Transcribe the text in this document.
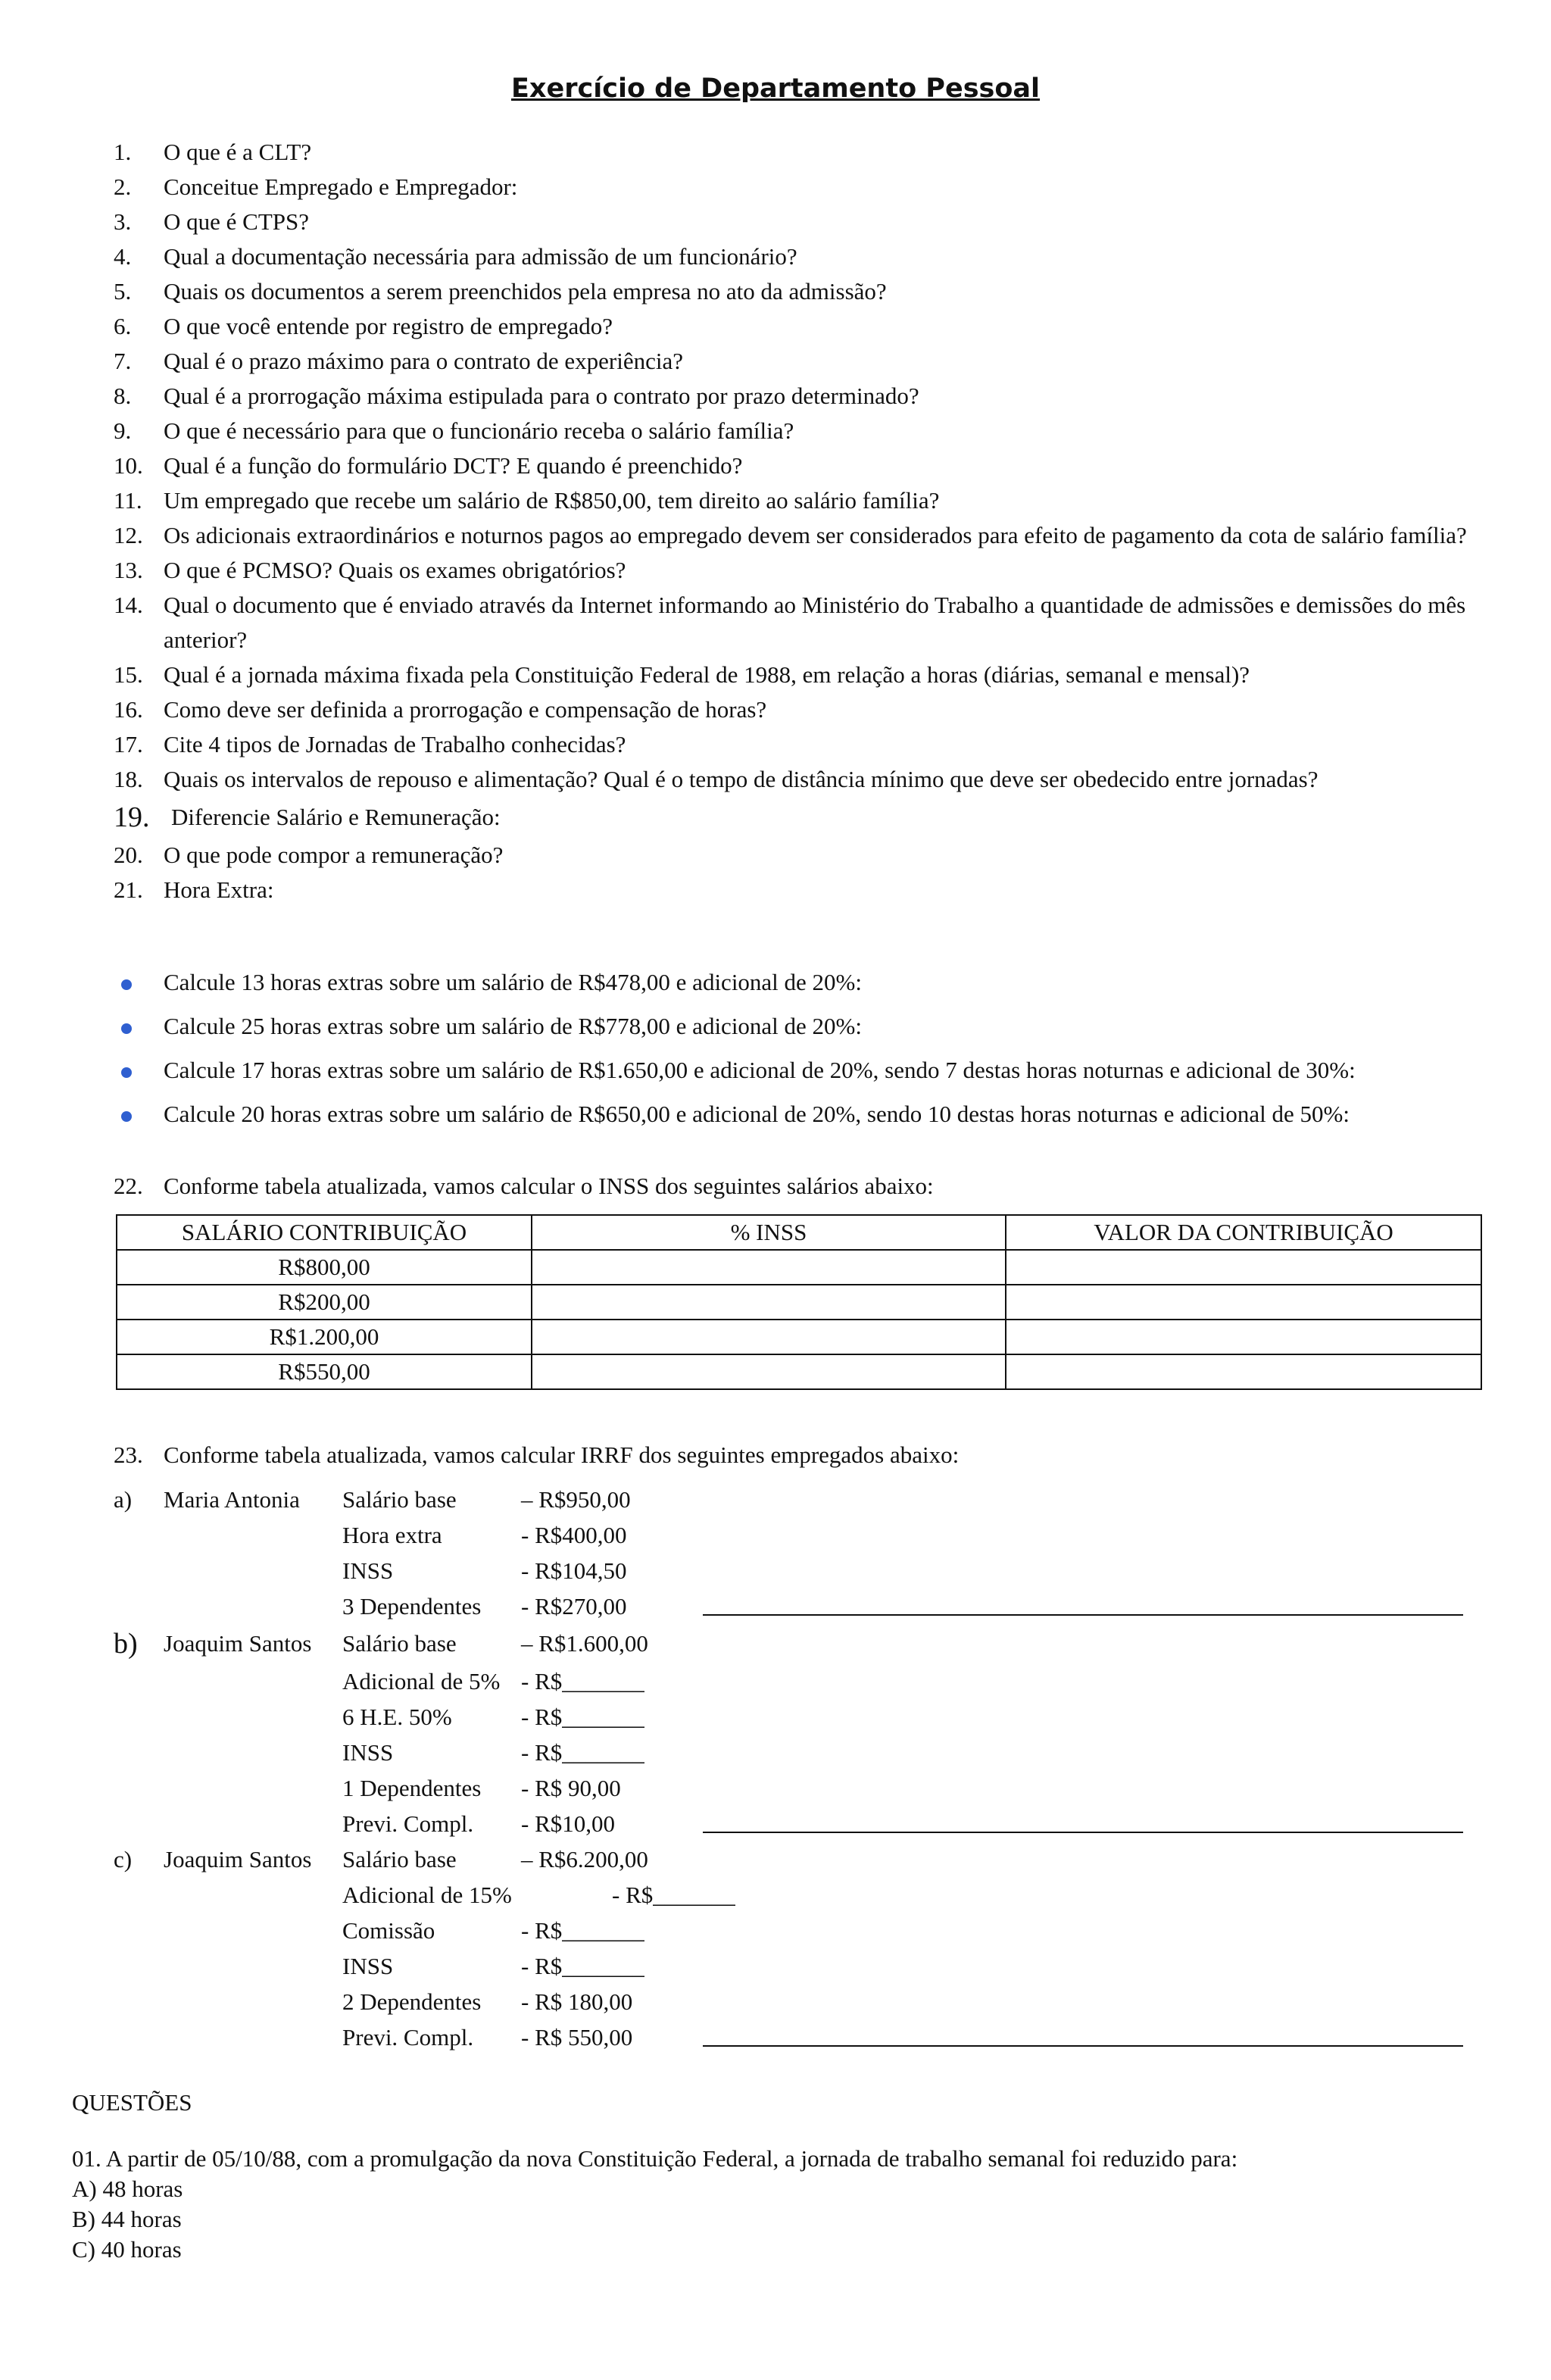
Exercício de Departamento Pessoal
1.	O que é a CLT?
2.	Conceitue Empregado e Empregador:
3.	O que é CTPS?
4.	Qual a documentação necessária para admissão de um funcionário?
5.	Quais os documentos a serem preenchidos pela empresa no ato da admissão?
6.	O que você entende por registro de empregado?
7.	Qual é o prazo máximo para o contrato de experiência?
8.	Qual é a prorrogação máxima estipulada para o contrato por prazo determinado?
9.	O que é necessário para que o funcionário receba o salário família?
10. Qual é a função do formulário DCT? E quando é preenchido?
11. Um empregado que recebe um salário de R$850,00, tem direito ao salário família?
12. Os adicionais extraordinários e noturnos pagos ao empregado devem ser considerados para efeito de pagamento da cota de salário família?
13. O que é PCMSO? Quais os exames obrigatórios?
14. Qual o documento que é enviado através da Internet informando ao Ministério do Trabalho a quantidade de admissões e demissões do mês anterior?
15. Qual é a jornada máxima fixada pela Constituição Federal de 1988, em relação a horas (diárias, semanal e mensal)?
16. Como deve ser definida a prorrogação e compensação de horas?
17. Cite 4 tipos de Jornadas de Trabalho conhecidas?
18. Quais os intervalos de repouso e alimentação? Qual é o tempo de distância mínimo que deve ser obedecido entre jornadas?
19. Diferencie Salário e Remuneração:
20. O que pode compor a remuneração?
21. Hora Extra:
Calcule 13 horas extras sobre um salário de R$478,00 e adicional de 20%:
Calcule 25 horas extras sobre um salário de R$778,00 e adicional de 20%:
Calcule 17 horas extras sobre um salário de R$1.650,00 e adicional de 20%, sendo 7 destas horas noturnas e adicional de 30%:
Calcule 20 horas extras sobre um salário de R$650,00 e adicional de 20%, sendo 10 destas horas noturnas e adicional de 50%:
22. Conforme tabela atualizada, vamos calcular o INSS dos seguintes salários abaixo:
SALÁRIO CONTRIBUIÇÃO	% INSS	VALOR DA CONTRIBUIÇÃO
R$800,00		
R$200,00		
R$1.200,00		
R$550,00		
23. Conforme tabela atualizada, vamos calcular IRRF dos seguintes empregados abaixo:
a)	Maria Antonia	Salário base	– R$950,00
Hora extra	- R$400,00
INSS	- R$104,50
3 Dependentes	- R$270,00
b)	Joaquim Santos	Salário base	– R$1.600,00
Adicional de 5% - R$_______
6 H.E. 50%	- R$_______
INSS	- R$_______
1 Dependentes	- R$ 90,00
Previ. Compl.	- R$10,00
c)	Joaquim Santos	Salário base	– R$6.200,00
Adicional de 15%	- R$_______
Comissão	- R$_______
INSS	- R$_______
2 Dependentes	- R$ 180,00
Previ. Compl.	- R$ 550,00
QUESTÕES
01. A partir de 05/10/88, com a promulgação da nova Constituição Federal, a jornada de trabalho semanal foi reduzido para:
A) 48 horas
B) 44 horas
C) 40 horas
